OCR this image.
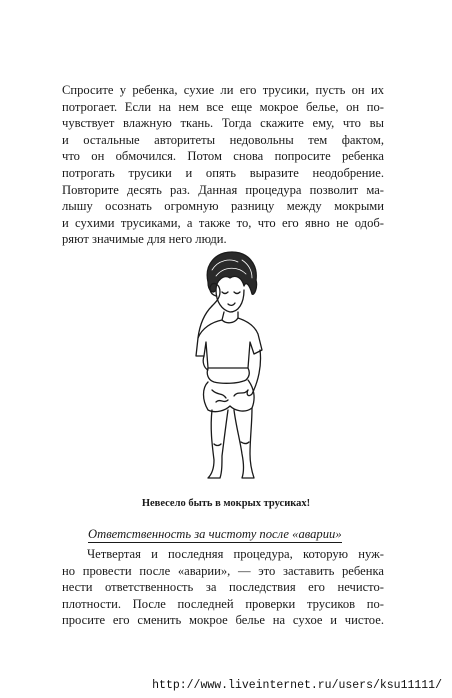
Спросите у ребенка, сухие ли его трусики, пусть он их
потрогает. Если на нем все еще мокрое белье, он по-
чувствует влажную ткань. Тогда скажите ему, что вы
и остальные авторитеты недовольны тем фактом,
что он обмочился. Потом снова попросите ребенка
потрогать трусики и опять выразите неодобрение.
Повторите десять раз. Данная процедура позволит ма-
лышу осознать огромную разницу между мокрыми
и сухими трусиками, а также то, что его явно не одоб-
ряют значимые для него люди.
Невесело быть в мокрых трусиках!
Ответственность за чистоту после «аварии»
Четвертая и последняя процедура, которую нуж-
но провести после «аварии», — это заставить ребенка
нести ответственность за последствия его нечисто-
плотности. После последней проверки трусиков по-
просите его сменить мокрое белье на сухое и чистое.
http://www.liveinternet.ru/users/ksu11111/
